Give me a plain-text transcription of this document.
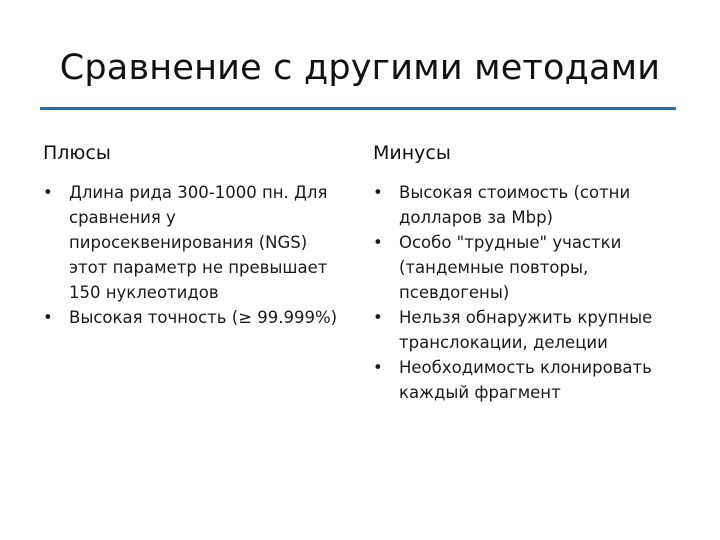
Сравнение с другими методами
Плюсы
• Длина рида 300-1000 пн. Для сравнения у пиросеквенирования (NGS) этот параметр не превышает 150 нуклеотидов
• Высокая точность (≥ 99.999%)
Минусы
• Высокая стоимость (сотни долларов за Mbp)
• Особо "трудные" участки (тандемные повторы, псевдогены)
• Нельзя обнаружить крупные транслокации, делеции
• Необходимость клонировать каждый фрагмент
